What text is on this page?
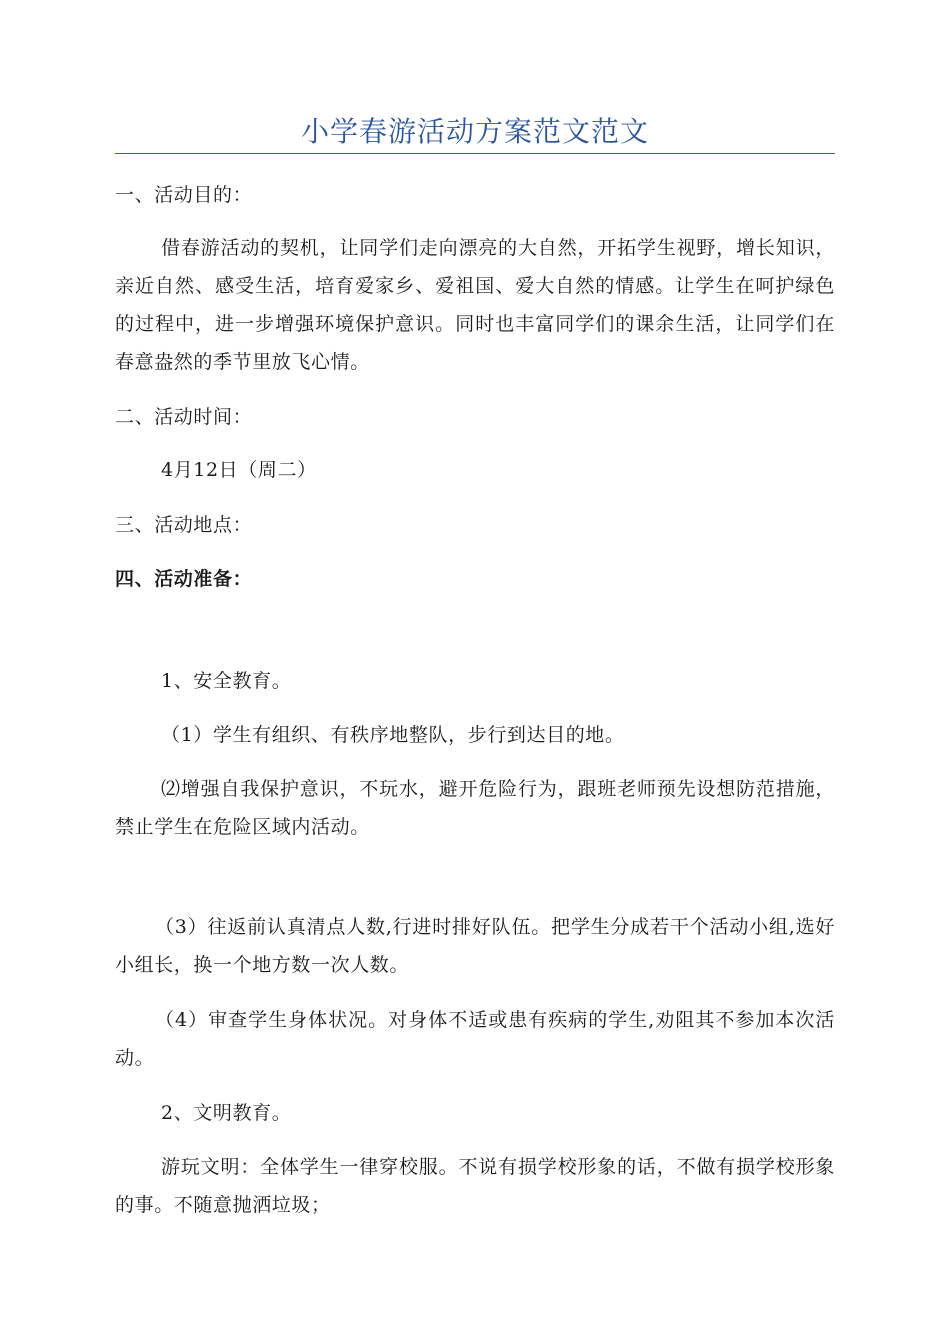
小学春游活动方案范文范文

一、活动目的：

借春游活动的契机，让同学们走向漂亮的大自然，开拓学生视野，增长知识，亲近自然、感受生活，培育爱家乡、爱祖国、爱大自然的情感。让学生在呵护绿色的过程中，进一步增强环境保护意识。同时也丰富同学们的课余生活，让同学们在春意盎然的季节里放飞心情。

二、活动时间：

4月12日（周二）

三、活动地点：

四、活动准备：

1、安全教育。

（1）学生有组织、有秩序地整队，步行到达目的地。

⑵增强自我保护意识，不玩水，避开危险行为，跟班老师预先设想防范措施，禁止学生在危险区域内活动。

（3）往返前认真清点人数,行进时排好队伍。把学生分成若干个活动小组,选好小组长，换一个地方数一次人数。

（4）审查学生身体状况。对身体不适或患有疾病的学生,劝阻其不参加本次活动。

2、文明教育。

游玩文明：全体学生一律穿校服。不说有损学校形象的话，不做有损学校形象的事。不随意抛洒垃圾；
